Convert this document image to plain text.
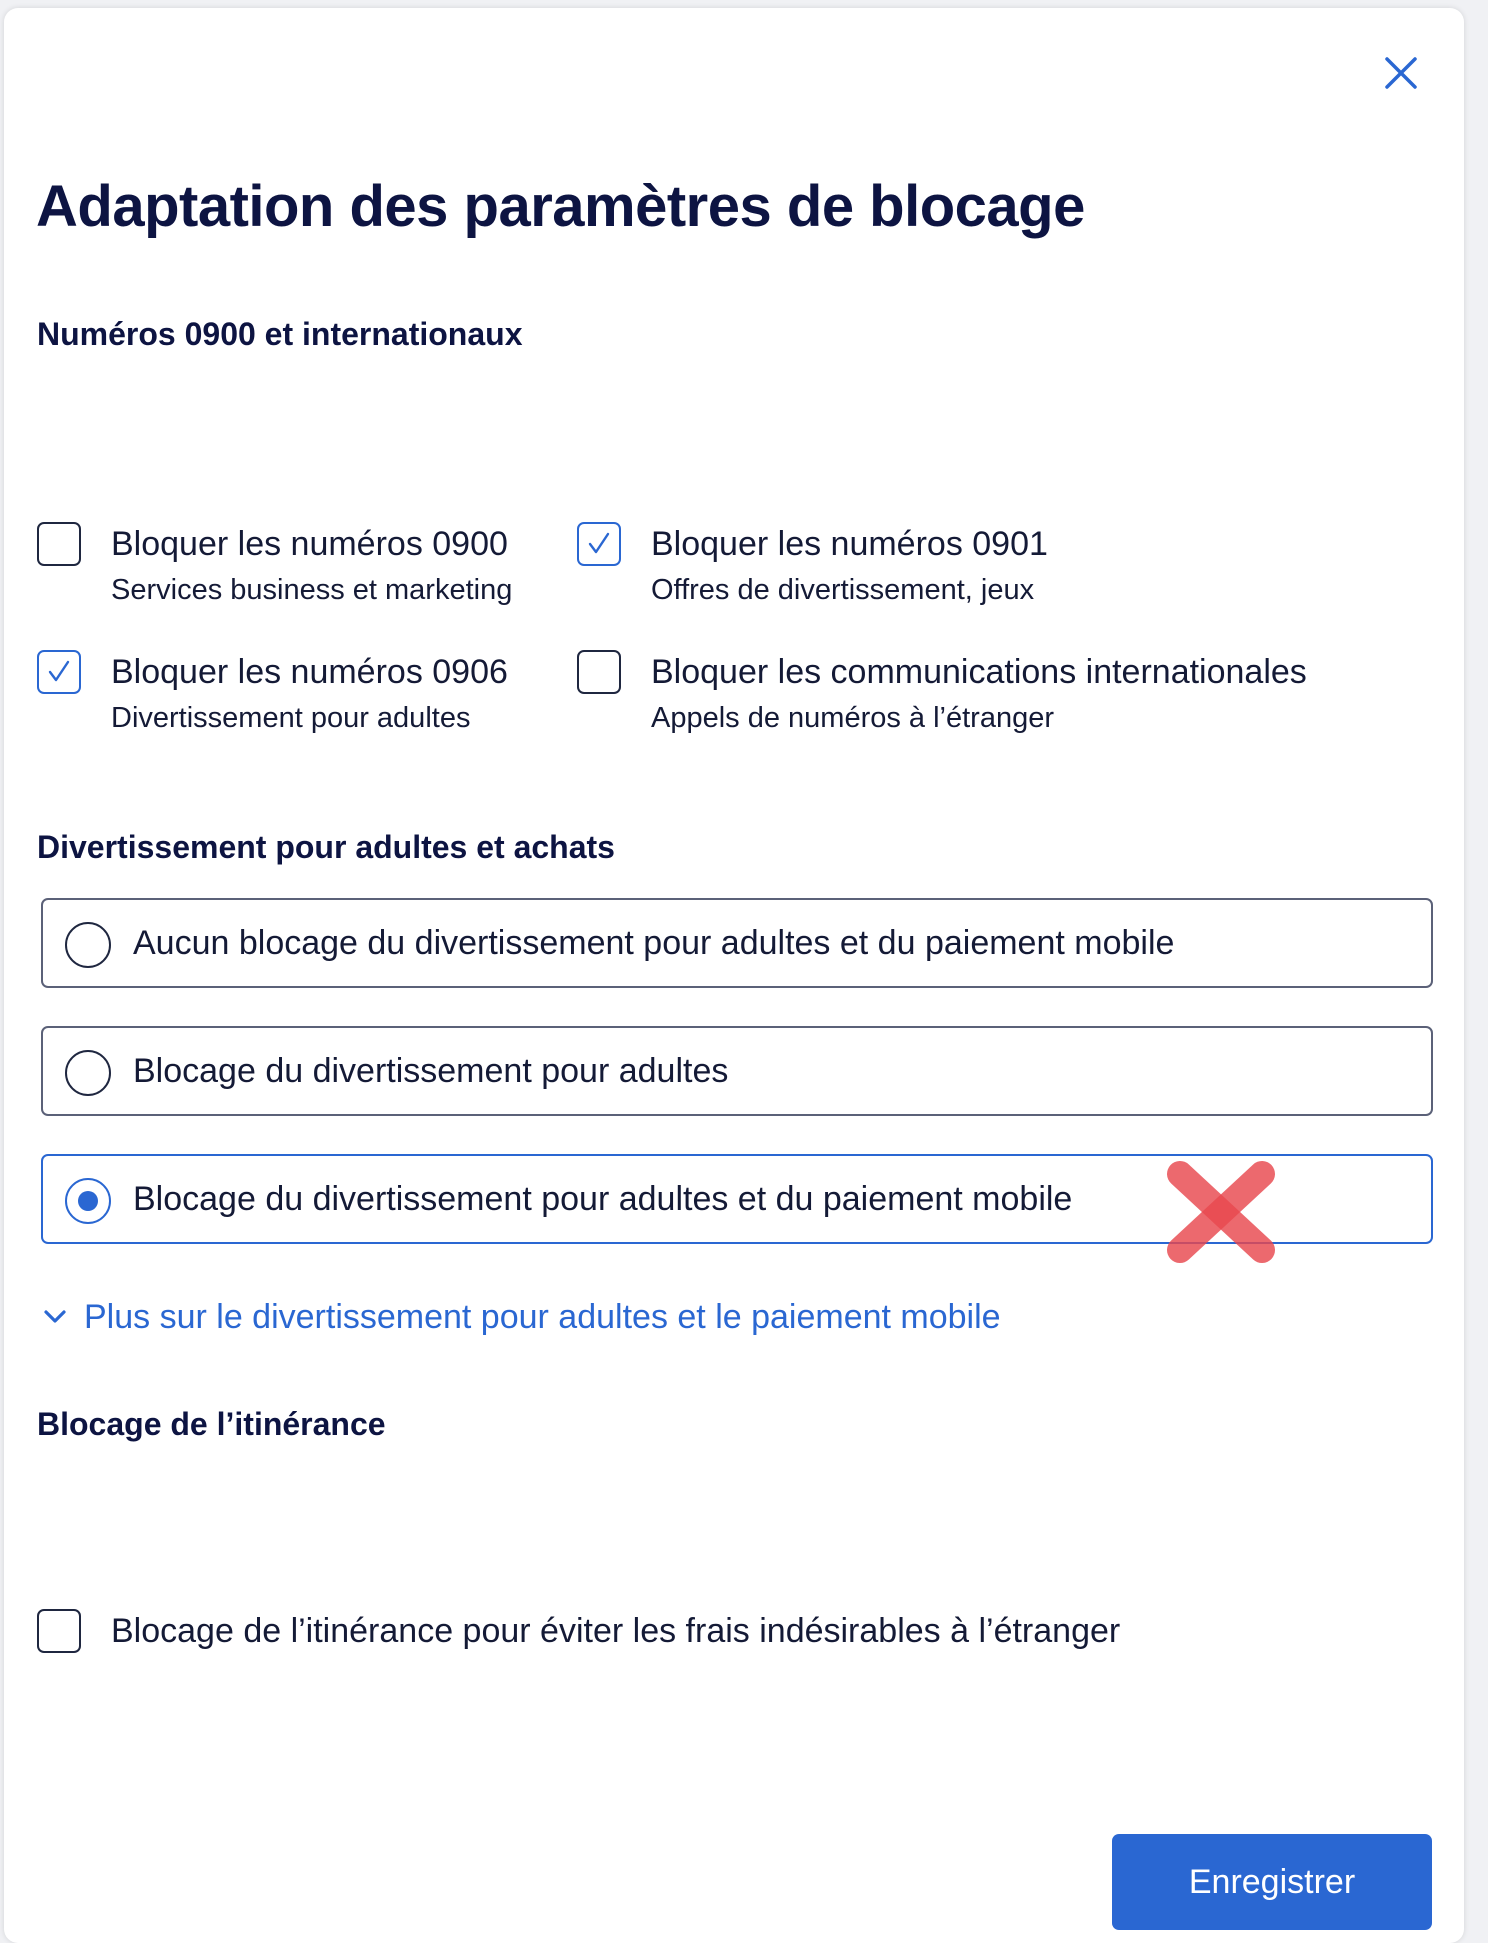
Adaptation des paramètres de blocage
Numéros 0900 et internationaux
Bloquer les numéros 0900
Services business et marketing
Bloquer les numéros 0901
Offres de divertissement, jeux
Bloquer les numéros 0906
Divertissement pour adultes
Bloquer les communications internationales
Appels de numéros à l’étranger
Divertissement pour adultes et achats
Aucun blocage du divertissement pour adultes et du paiement mobile
Blocage du divertissement pour adultes
Blocage du divertissement pour adultes et du paiement mobile
Plus sur le divertissement pour adultes et le paiement mobile
Blocage de l’itinérance
Blocage de l’itinérance pour éviter les frais indésirables à l’étranger
Enregistrer
